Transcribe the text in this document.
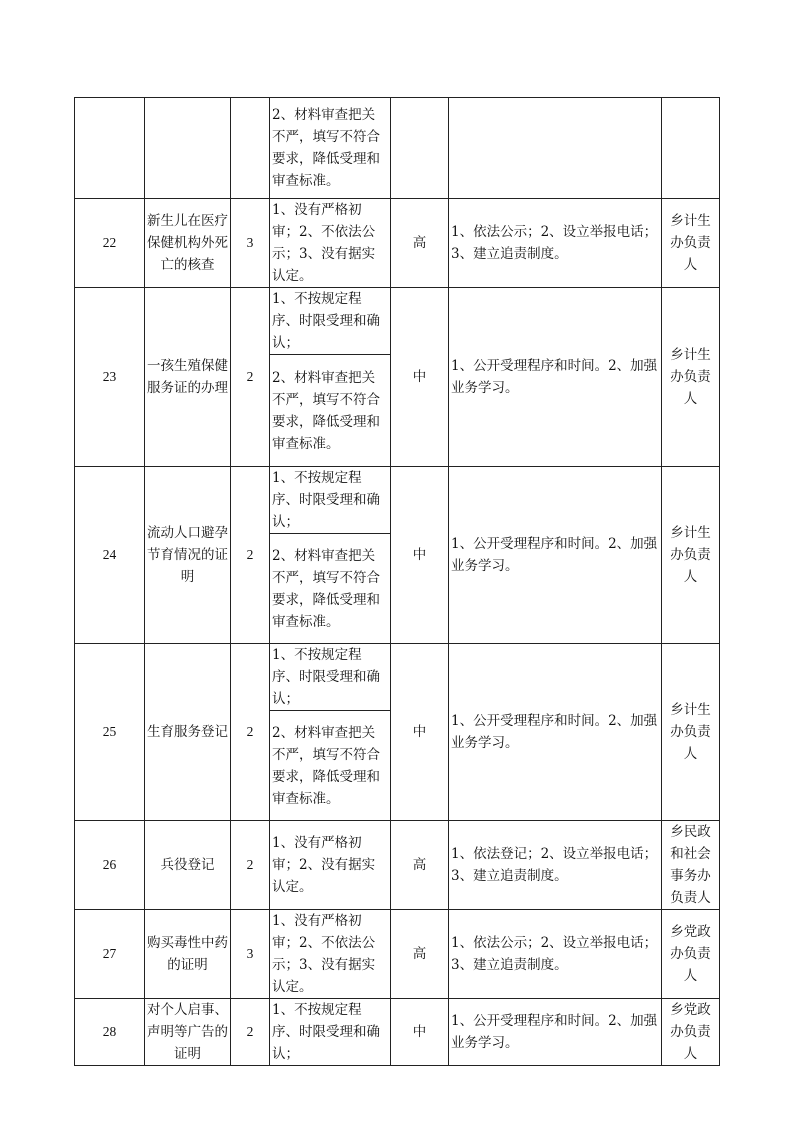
			2、材料审查把关不严，填写不符合要求，降低受理和审查标准。			
22	新生儿在医疗保健机构外死亡的核查	3	1、没有严格初审；2、不依法公示；3、没有据实认定。	高	1、依法公示；2、设立举报电话；3、建立追责制度。	乡计生办负责人
23	一孩生殖保健服务证的办理	2	1、不按规定程序、时限受理和确认；	中	1、公开受理程序和时间。2、加强业务学习。	乡计生办负责人
			2、材料审查把关不严，填写不符合要求，降低受理和审查标准。			
24	流动人口避孕节育情况的证明	2	1、不按规定程序、时限受理和确认；	中	1、公开受理程序和时间。2、加强业务学习。	乡计生办负责人
			2、材料审查把关不严，填写不符合要求，降低受理和审查标准。			
25	生育服务登记	2	1、不按规定程序、时限受理和确认；	中	1、公开受理程序和时间。2、加强业务学习。	乡计生办负责人
			2、材料审查把关不严，填写不符合要求，降低受理和审查标准。			
26	兵役登记	2	1、没有严格初审；2、没有据实认定。	高	1、依法登记；2、设立举报电话；3、建立追责制度。	乡民政和社会事务办负责人
27	购买毒性中药的证明	3	1、没有严格初审；2、不依法公示；3、没有据实认定。	高	1、依法公示；2、设立举报电话；3、建立追责制度。	乡党政办负责人
28	对个人启事、声明等广告的证明	2	1、不按规定程序、时限受理和确认；	中	1、公开受理程序和时间。2、加强业务学习。	乡党政办负责人
